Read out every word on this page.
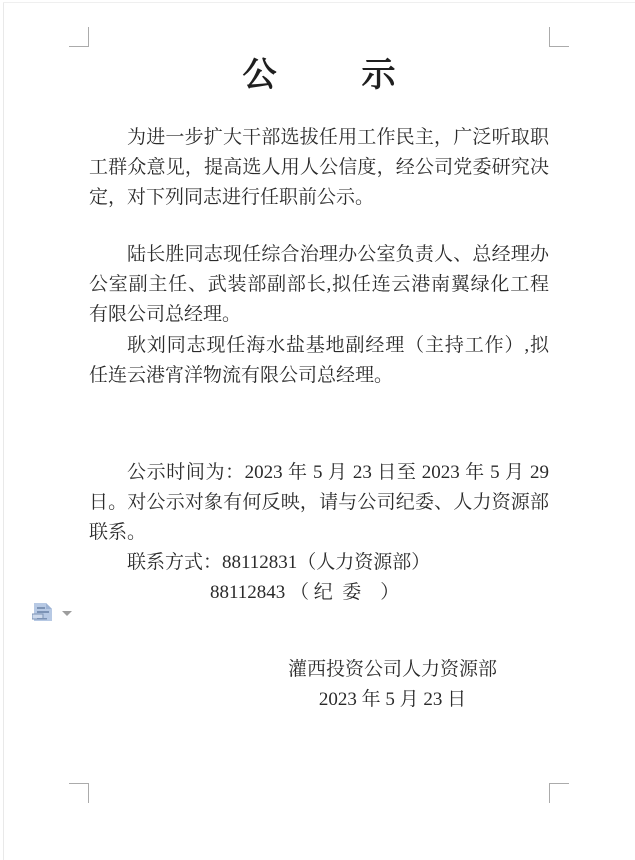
公	示

为进一步扩大干部选拔任用工作民主，广泛听取职工群众意见，提高选人用人公信度，经公司党委研究决定，对下列同志进行任职前公示。

陆长胜同志现任综合治理办公室负责人、总经理办公室副主任、武装部副部长,拟任连云港南翼绿化工程有限公司总经理。

耿刘同志现任海水盐基地副经理（主持工作）,拟任连云港宵洋物流有限公司总经理。

公示时间为：2023 年 5 月 23 日至 2023 年 5 月 29 日。对公示对象有何反映，请与公司纪委、人力资源部联系。

联系方式：88112831（人力资源部）

88112843 （ 纪  委    ）

灌西投资公司人力资源部
2023 年 5 月 23 日
